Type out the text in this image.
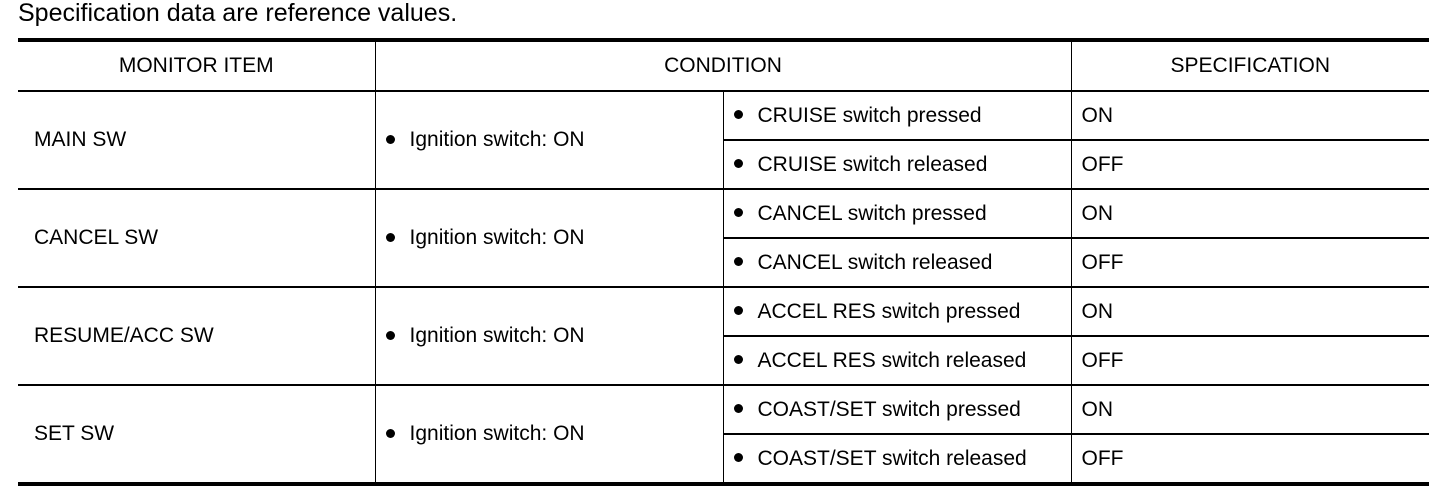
Specification data are reference values.
MONITOR ITEM	CONDITION		SPECIFICATION
MAIN SW	Ignition switch: ON	CRUISE switch pressed	ON
		CRUISE switch released	OFF
CANCEL SW	Ignition switch: ON	CANCEL switch pressed	ON
		CANCEL switch released	OFF
RESUME/ACC SW	Ignition switch: ON	ACCEL RES switch pressed	ON
		ACCEL RES switch released	OFF
SET SW	Ignition switch: ON	COAST/SET switch pressed	ON
		COAST/SET switch released	OFF
